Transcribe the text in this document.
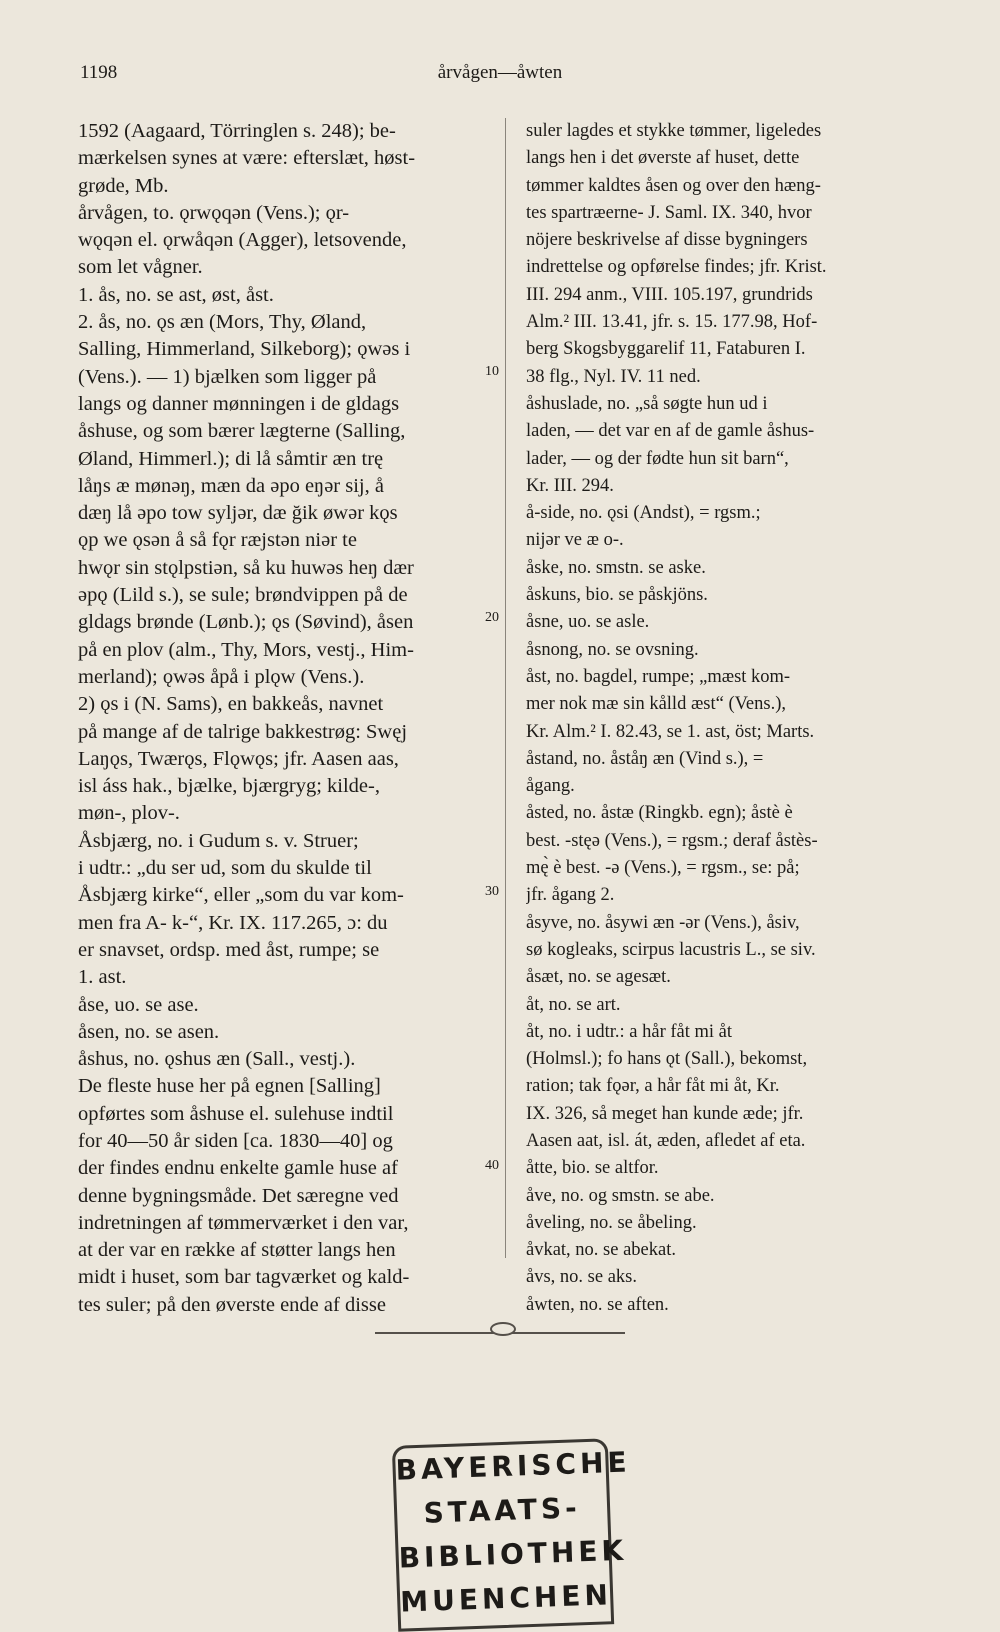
1198	årvågen—åwten
1592 (Aagaard, Törringlen s. 248); be-
mærkelsen synes at være: efterslæt, høst-
grøde, Mb.
årvågen, to. ǫrwǫqən (Vens.); ǫr-
wǫqən el. ǫrwåqən (Agger), letsovende,
som let vågner.
1. ås, no. se ast, øst, åst.
2. ås, no. ǫs æn (Mors, Thy, Øland,
Salling, Himmerland, Silkeborg); ǫwəs i
(Vens.). — 1) bjælken som ligger på
langs og danner mønningen i de gldags
åshuse, og som bærer lægterne (Salling,
Øland, Himmerl.); di lå såmtir æn trę
låŋs æ mønəŋ, mæn da əpo eŋər sij, å
dæŋ lå əpo tow syljər, dæ ğik øwər kǫs
ǫp we ǫsən å så fǫr ræjstən niər te
hwǫr sin stǫlpstiən, så ku huwəs heŋ dær
əpǫ (Lild s.), se sule; brøndvippen på de
gldags brønde (Lønb.); ǫs (Søvind), åsen
på en plov (alm., Thy, Mors, vestj., Him-
merland); ǫwəs åpå i plǫw (Vens.).
2) ǫs i (N. Sams), en bakkeås, navnet
på mange af de talrige bakkestrøg: Swęj
Laŋǫs, Twærǫs, Flǫwǫs; jfr. Aasen aas,
isl áss hak., bjælke, bjærgryg; kilde-,
møn-, plov-.
Åsbjærg, no. i Gudum s. v. Struer;
i udtr.: „du ser ud, som du skulde til
Åsbjærg kirke“, eller „som du var kom-
men fra A- k-“, Kr. IX. 117.265, ɔ: du
er snavset, ordsp. med åst, rumpe; se
1. ast.
åse, uo. se ase.
åsen, no. se asen.
åshus, no. ǫshus æn (Sall., vestj.).
De fleste huse her på egnen [Salling]
opførtes som åshuse el. sulehuse indtil
for 40—50 år siden [ca. 1830—40] og
der findes endnu enkelte gamle huse af
denne bygningsmåde. Det særegne ved
indretningen af tømmerværket i den var,
at der var en række af støtter langs hen
midt i huset, som bar tagværket og kald-
tes suler; på den øverste ende af disse
suler lagdes et stykke tømmer, ligeledes
langs hen i det øverste af huset, dette
tømmer kaldtes åsen og over den hæng-
tes spartræerne- J. Saml. IX. 340, hvor
nöjere beskrivelse af disse bygningers
indrettelse og opførelse findes; jfr. Krist.
III. 294 anm., VIII. 105.197, grundrids
Alm.² III. 13.41, jfr. s. 15. 177.98, Hof-
berg Skogsbyggarelif 11, Fataburen I.
38 flg., Nyl. IV. 11 ned.
åshuslade, no. „så søgte hun ud i
laden, — det var en af de gamle åshus-
lader, — og der fødte hun sit barn“,
Kr. III. 294.
å-side, no. ǫsi (Andst), = rgsm.;
nijər ve æ o-.
åske, no. smstn. se aske.
åskuns, bio. se påskjöns.
åsne, uo. se asle.
åsnong, no. se ovsning.
åst, no. bagdel, rumpe; „mæst kom-
mer nok mæ sin kålld æst“ (Vens.),
Kr. Alm.² I. 82.43, se 1. ast, öst; Marts.
åstand, no. åståŋ æn (Vind s.), =
ågang.
åsted, no. åstæ (Ringkb. egn); åstè è
best. -stęə (Vens.), = rgsm.; deraf åstès-
mę̀ è best. -ə (Vens.), = rgsm., se: på;
jfr. ågang 2.
åsyve, no. åsywi æn -ər (Vens.), åsiv,
sø kogleaks, scirpus lacustris L., se siv.
åsæt, no. se agesæt.
åt, no. se art.
åt, no. i udtr.: a hår fåt mi åt
(Holmsl.); fo hans ǫt (Sall.), bekomst,
ration; tak fǫər, a hår fåt mi åt, Kr.
IX. 326, så meget han kunde æde; jfr.
Aasen aat, isl. át, æden, afledet af eta.
åtte, bio. se altfor.
åve, no. og smstn. se abe.
åveling, no. se åbeling.
åvkat, no. se abekat.
åvs, no. se aks.
åwten, no. se aften.
10
20
30
40
BAYERISCHE
STAATS-
BIBLIOTHEK
MUENCHEN
